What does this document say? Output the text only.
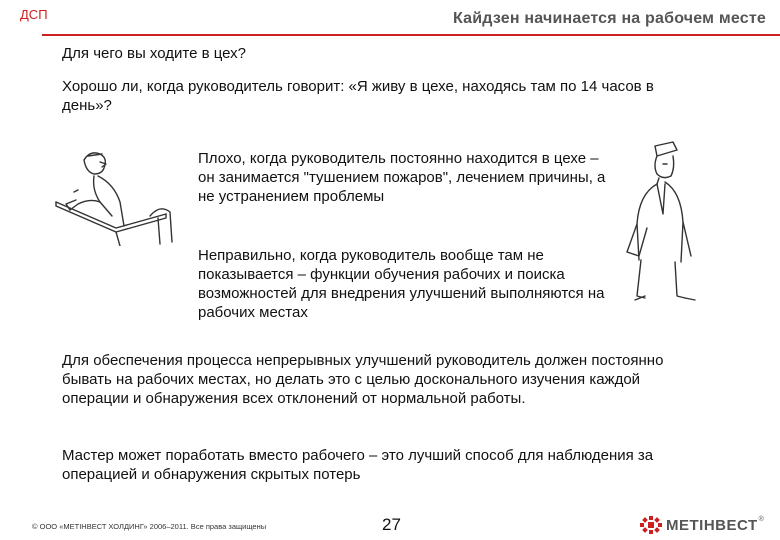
ДСП	Кайдзен начинается на рабочем месте

Для чего вы ходите в цех?

Хорошо ли, когда руководитель говорит: «Я живу в цехе, находясь там по 14 часов в день»?

Плохо, когда руководитель постоянно находится в цехе – он занимается "тушением пожаров", лечением причины, а не устранением проблемы

Неправильно, когда руководитель вообще там не показывается – функции обучения рабочих и поиска возможностей для внедрения улучшений выполняются на рабочих местах

Для обеспечения процесса непрерывных улучшений руководитель должен постоянно бывать на рабочих местах, но делать это с целью досконального изучения каждой операции и обнаружения всех отклонений от нормальной работы.

Мастер может поработать вместо рабочего – это лучший способ для наблюдения за операцией и обнаружения скрытых потерь

© ООО «МЕТІНВЕСТ ХОЛДИНГ» 2006–2011. Все права защищены	27	МЕТІНВЕСТ ®
